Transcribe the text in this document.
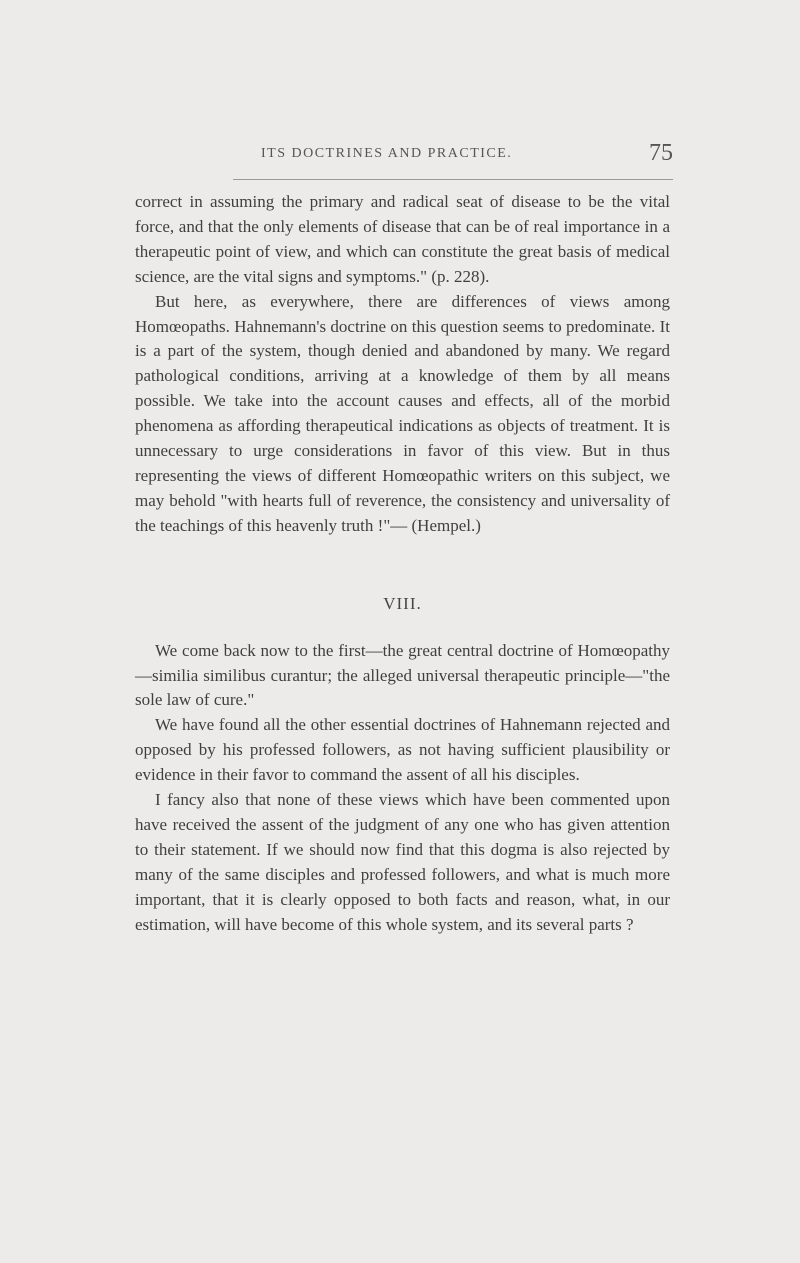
ITS DOCTRINES AND PRACTICE.	75

correct in assuming the primary and radical seat of disease to be the vital force, and that the only elements of disease that can be of real importance in a therapeutic point of view, and which can constitute the great basis of medical science, are the vital signs and symptoms." (p. 228).

But here, as everywhere, there are differences of views among Homœopaths. Hahnemann's doctrine on this question seems to predominate. It is a part of the system, though denied and abandoned by many. We regard pathological conditions, arriving at a knowledge of them by all means possible. We take into the account causes and effects, all of the morbid phenomena as affording therapeutical indications as objects of treatment. It is unnecessary to urge considerations in favor of this view. But in thus representing the views of different Homœopathic writers on this subject, we may behold "with hearts full of reverence, the consistency and universality of the teachings of this heavenly truth !"— (Hempel.)

VIII.

We come back now to the first—the great central doctrine of Homœopathy—similia similibus curantur; the alleged universal therapeutic principle—"the sole law of cure."

We have found all the other essential doctrines of Hahnemann rejected and opposed by his professed followers, as not having sufficient plausibility or evidence in their favor to command the assent of all his disciples.

I fancy also that none of these views which have been commented upon have received the assent of the judgment of any one who has given attention to their statement. If we should now find that this dogma is also rejected by many of the same disciples and professed followers, and what is much more important, that it is clearly opposed to both facts and reason, what, in our estimation, will have become of this whole system, and its several parts ?
